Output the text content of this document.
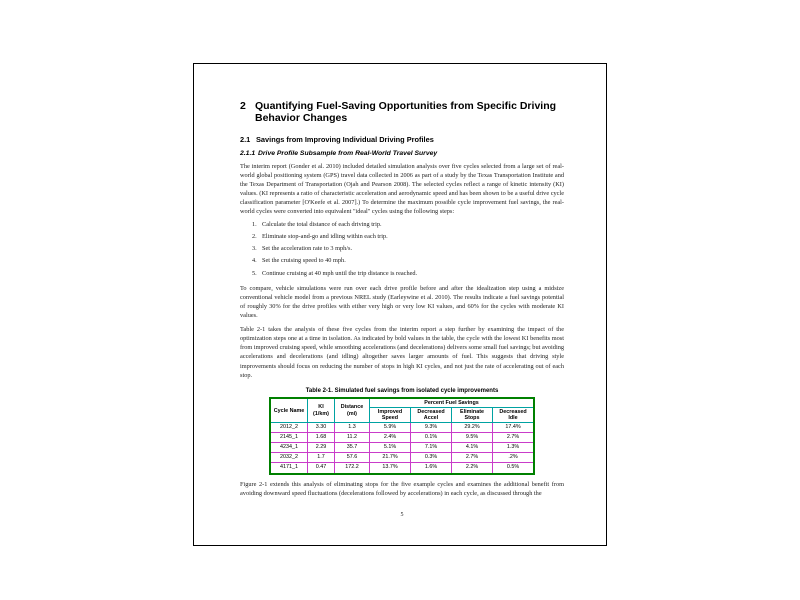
2 Quantifying Fuel-Saving Opportunities from Specific Driving Behavior Changes
2.1 Savings from Improving Individual Driving Profiles
2.1.1 Drive Profile Subsample from Real-World Travel Survey

The interim report (Gonder et al. 2010) included detailed simulation analysis over five cycles selected from a large set of real-world global positioning system (GPS) travel data collected in 2006 as part of a study by the Texas Transportation Institute and the Texas Department of Transportation (Ojah and Pearson 2008). The selected cycles reflect a range of kinetic intensity (KI) values. (KI represents a ratio of characteristic acceleration and aerodynamic speed and has been shown to be a useful drive cycle classification parameter [O'Keefe et al. 2007].) To determine the maximum possible cycle improvement fuel savings, the real-world cycles were converted into equivalent "ideal" cycles using the following steps:

1. Calculate the total distance of each driving trip.
2. Eliminate stop-and-go and idling within each trip.
3. Set the acceleration rate to 3 mph/s.
4. Set the cruising speed to 40 mph.
5. Continue cruising at 40 mph until the trip distance is reached.

To compare, vehicle simulations were run over each drive profile before and after the idealization step using a midsize conventional vehicle model from a previous NREL study (Earleywine et al. 2010). The results indicate a fuel savings potential of roughly 30% for the drive profiles with either very high or very low KI values, and 60% for the cycles with moderate KI values.

Table 2-1 takes the analysis of these five cycles from the interim report a step further by examining the impact of the optimization steps one at a time in isolation. As indicated by bold values in the table, the cycle with the lowest KI benefits most from improved cruising speed, while smoothing accelerations (and decelerations) delivers some small fuel savings; but avoiding accelerations and decelerations (and idling) altogether saves larger amounts of fuel. This suggests that driving style improvements should focus on reducing the number of stops in high KI cycles, and not just the rate of accelerating out of each stop.

Table 2-1. Simulated fuel savings from isolated cycle improvements
Cycle Name	KI (1/km)	Distance (mi)	Percent Fuel Savings			
			Improved Speed	Decreased Accel	Eliminate Stops	Decreased Idle
2012_2	3.30	1.3	5.9%	9.3%	29.2%	17.4%
2145_1	1.68	11.2	2.4%	0.1%	9.5%	2.7%
4234_1	2.29	35.7	5.1%	7.1%	4.1%	1.3%
2032_2	1.7	57.6	21.7%	0.3%	2.7%	.2%
4171_1	0.47	172.2	13.7%	1.6%	2.2%	0.5%

Figure 2-1 extends this analysis of eliminating stops for the five example cycles and examines the additional benefit from avoiding downward speed fluctuations (decelerations followed by accelerations) in each cycle, as discussed through the

5
